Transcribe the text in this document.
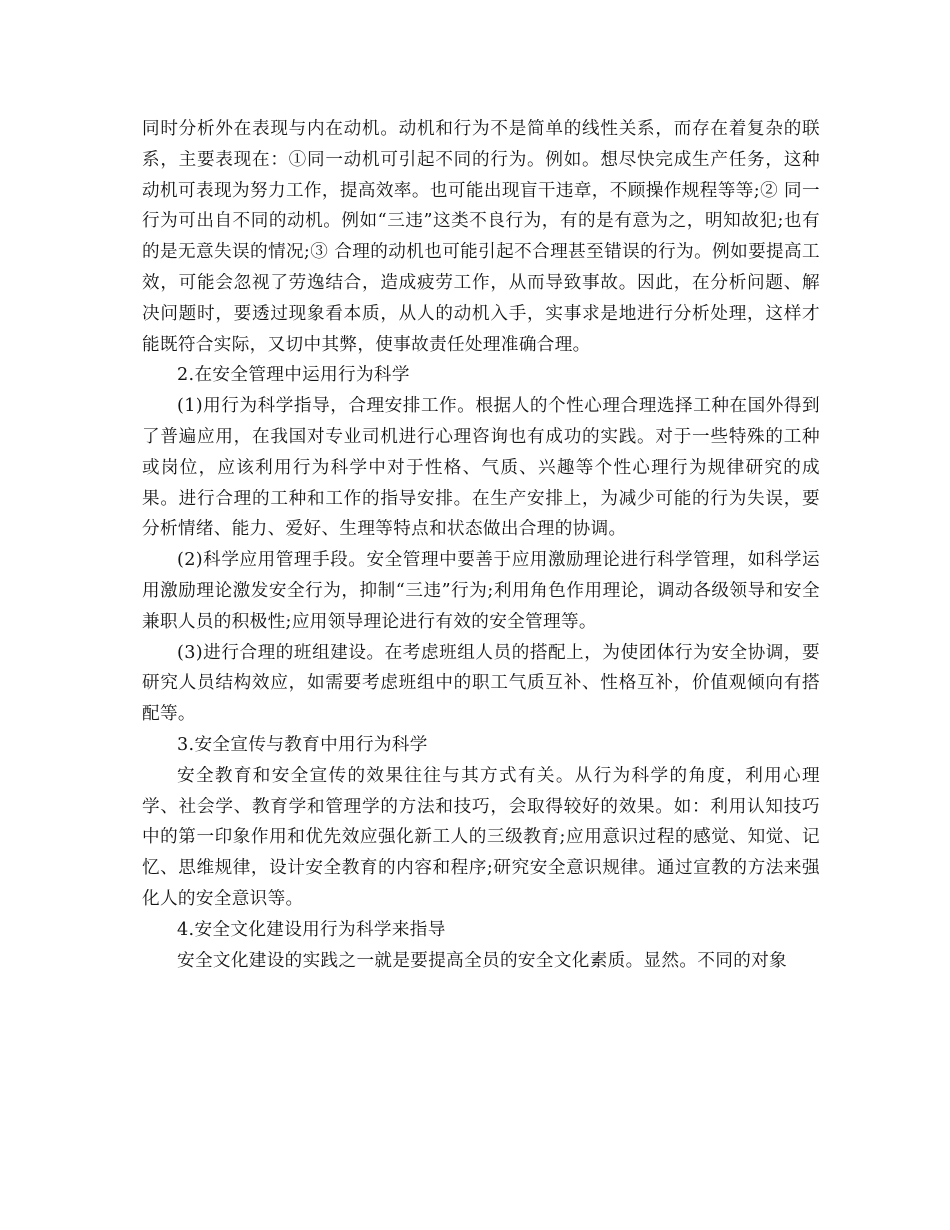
同时分析外在表现与内在动机。动机和行为不是简单的线性关系，而存在着复杂的联系，主要表现在：①同一动机可引起不同的行为。例如。想尽快完成生产任务，这种动机可表现为努力工作，提高效率。也可能出现盲干违章，不顾操作规程等等;② 同一行为可出自不同的动机。例如“三违”这类不良行为，有的是有意为之，明知故犯;也有的是无意失误的情况;③ 合理的动机也可能引起不合理甚至错误的行为。例如要提高工效，可能会忽视了劳逸结合，造成疲劳工作，从而导致事故。因此，在分析问题、解决问题时，要透过现象看本质，从人的动机入手，实事求是地进行分析处理，这样才能既符合实际，又切中其弊，使事故责任处理准确合理。

2.在安全管理中运用行为科学

(1)用行为科学指导，合理安排工作。根据人的个性心理合理选择工种在国外得到了普遍应用，在我国对专业司机进行心理咨询也有成功的实践。对于一些特殊的工种或岗位，应该利用行为科学中对于性格、气质、兴趣等个性心理行为规律研究的成果。进行合理的工种和工作的指导安排。在生产安排上，为减少可能的行为失误，要分析情绪、能力、爱好、生理等特点和状态做出合理的协调。

(2)科学应用管理手段。安全管理中要善于应用激励理论进行科学管理，如科学运用激励理论激发安全行为，抑制“三违”行为;利用角色作用理论，调动各级领导和安全兼职人员的积极性;应用领导理论进行有效的安全管理等。

(3)进行合理的班组建设。在考虑班组人员的搭配上，为使团体行为安全协调，要研究人员结构效应，如需要考虑班组中的职工气质互补、性格互补，价值观倾向有搭配等。

3.安全宣传与教育中用行为科学

安全教育和安全宣传的效果往往与其方式有关。从行为科学的角度，利用心理学、社会学、教育学和管理学的方法和技巧，会取得较好的效果。如：利用认知技巧中的第一印象作用和优先效应强化新工人的三级教育;应用意识过程的感觉、知觉、记忆、思维规律，设计安全教育的内容和程序;研究安全意识规律。通过宣教的方法来强化人的安全意识等。

4.安全文化建设用行为科学来指导

安全文化建设的实践之一就是要提高全员的安全文化素质。显然。不同的对象
